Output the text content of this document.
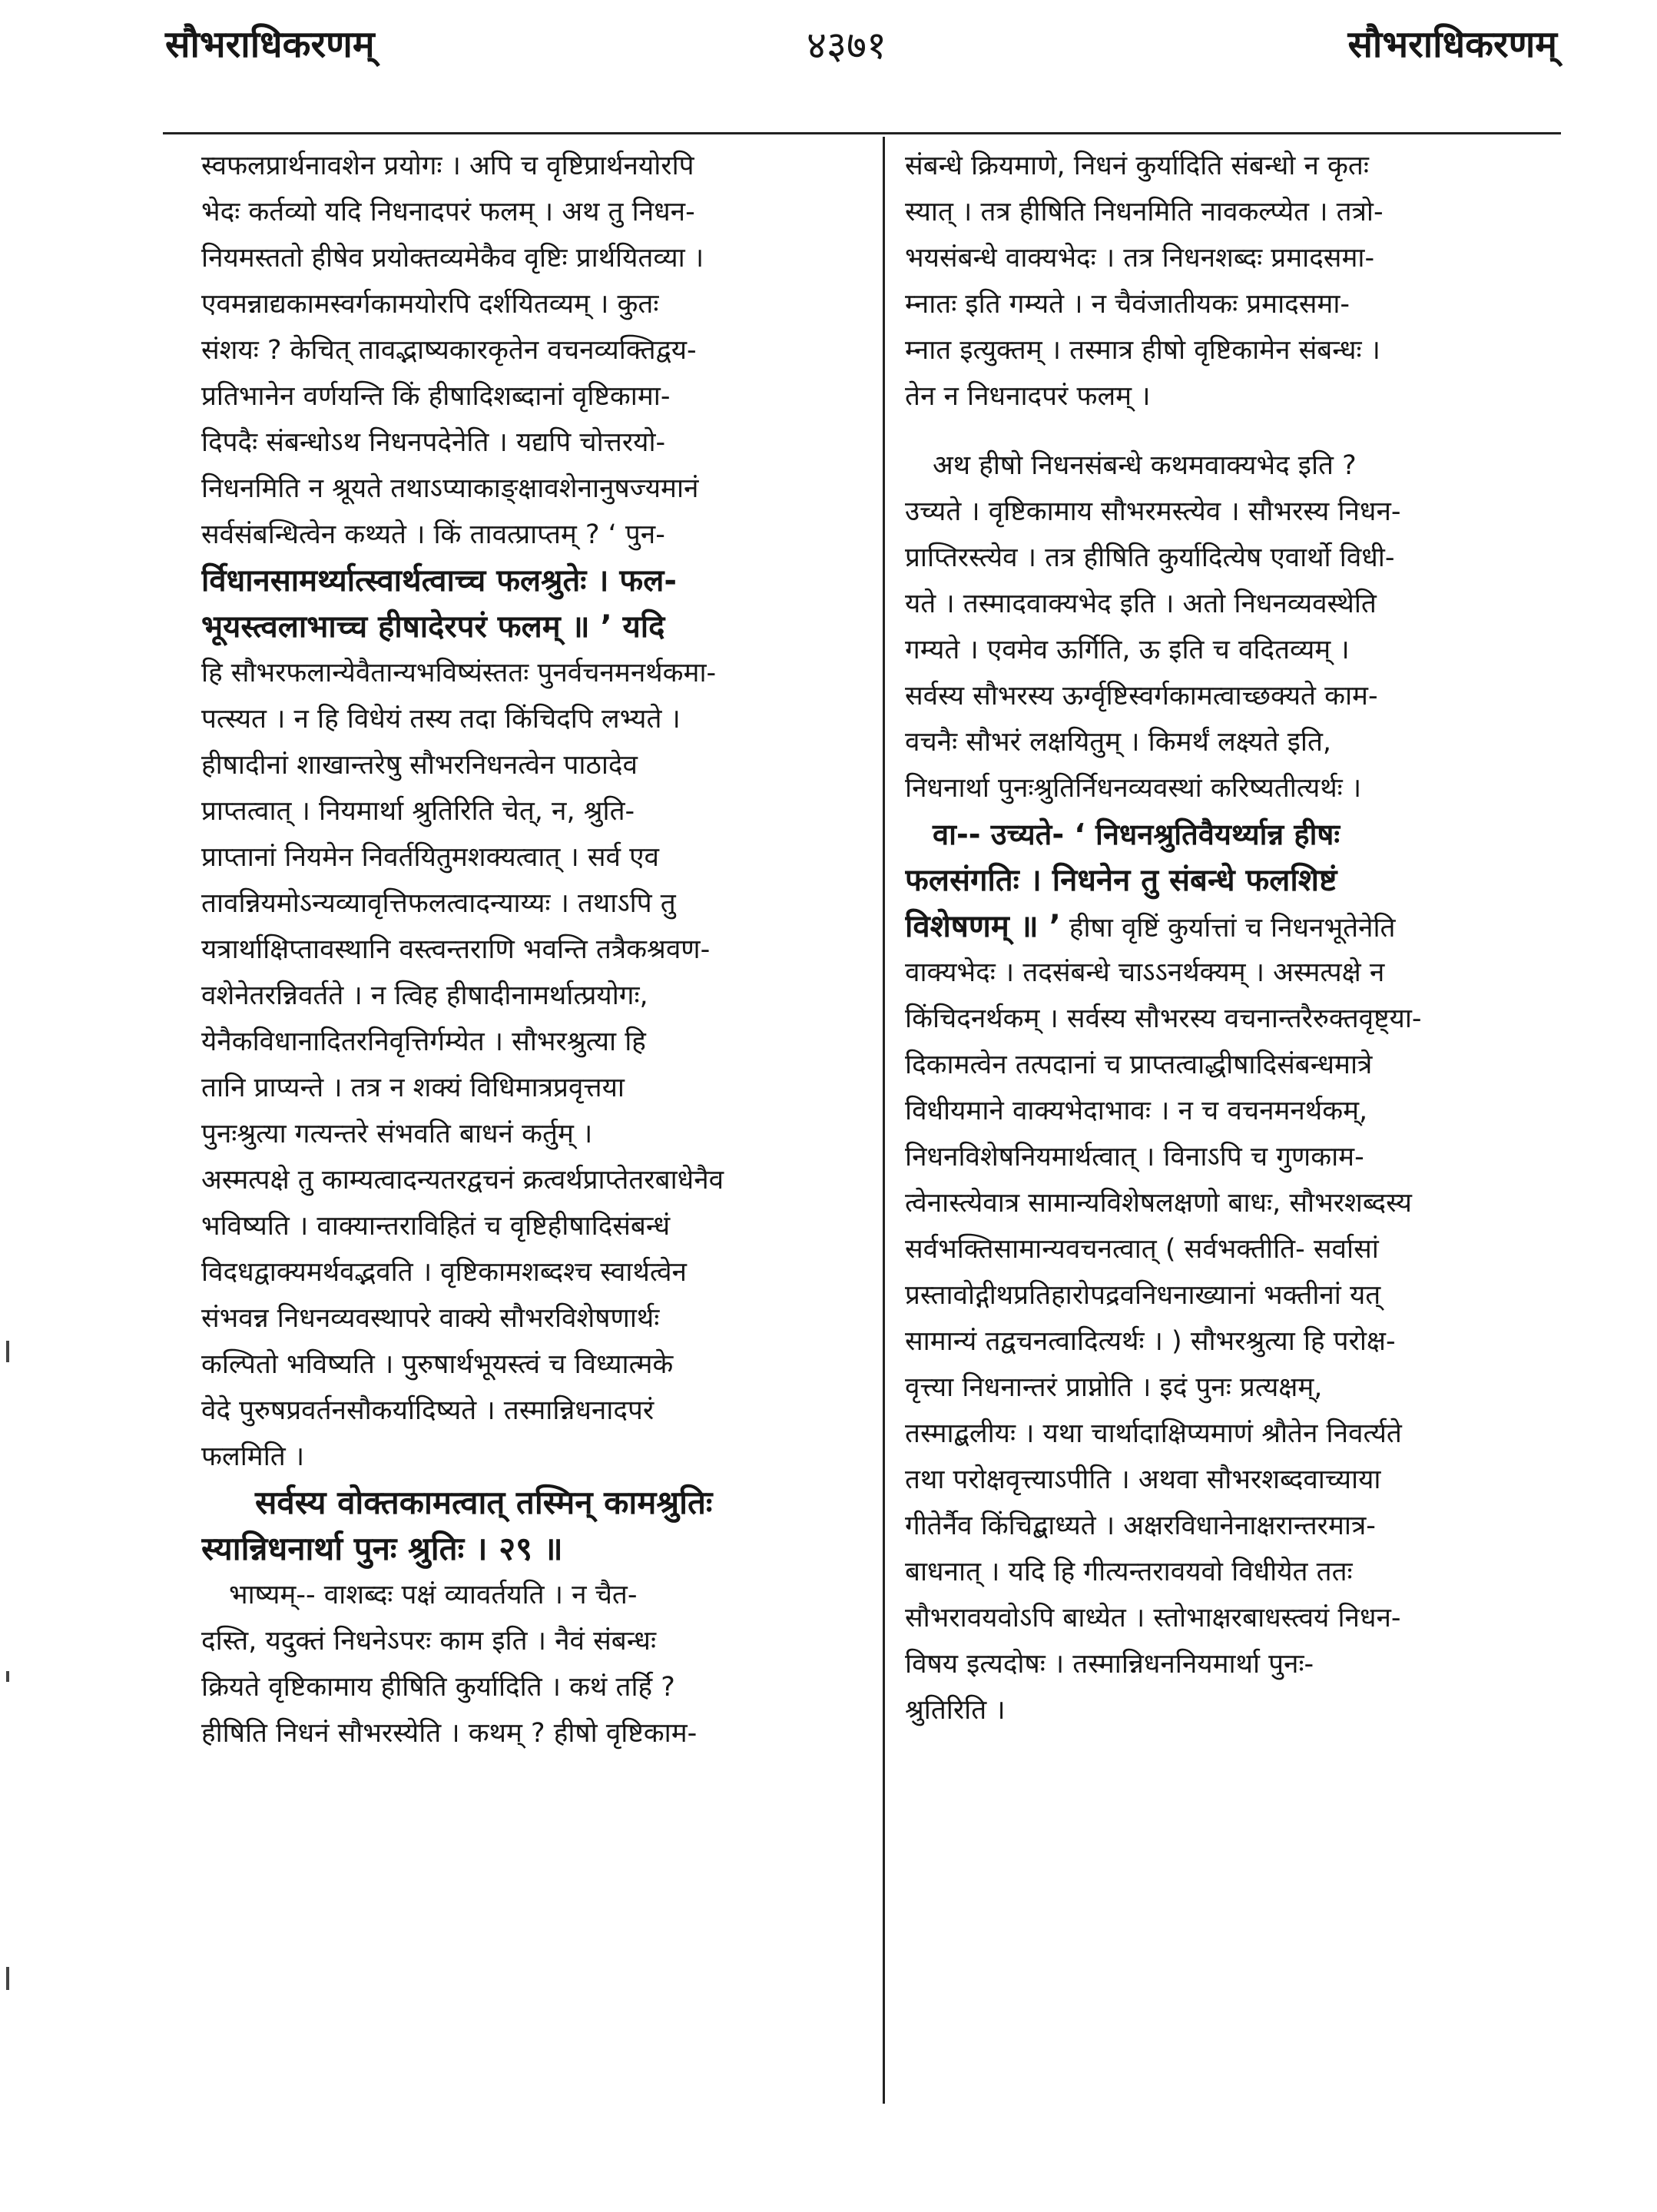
सौभराधिकरणम्	४३७१	सौभराधिकरणम्
स्वफलप्रार्थनावशेन प्रयोगः । अपि च वृष्टिप्रार्थनयोरपि
भेदः कर्तव्यो यदि निधनादपरं फलम् । अथ तु निधन-
नियमस्ततो हीषेव प्रयोक्तव्यमेकैव वृष्टिः प्रार्थयितव्या ।
एवमन्नाद्यकामस्वर्गकामयोरपि दर्शयितव्यम् । कुतः
संशयः ? केचित् तावद्भाष्यकारकृतेन वचनव्यक्तिद्वय-
प्रतिभानेन वर्णयन्ति किं हीषादिशब्दानां वृष्टिकामा-
दिपदैः संबन्धोऽथ निधनपदेनेति । यद्यपि चोत्तरयो-
निधनमिति न श्रूयते तथाऽप्याकाङ्क्षावशेनानुषज्यमानं
सर्वसंबन्धित्वेन कथ्यते । किं तावत्प्राप्तम् ? ‘ पुन-
र्विधानसामर्थ्यात्स्वार्थत्वाच्च फलश्रुतेः । फल-
भूयस्त्वलाभाच्च हीषादेरपरं फलम् ॥ ’ यदि
हि सौभरफलान्येवैतान्यभविष्यंस्ततः पुनर्वचनमनर्थकमा-
पत्स्यत । न हि विधेयं तस्य तदा किंचिदपि लभ्यते ।
हीषादीनां शाखान्तरेषु सौभरनिधनत्वेन पाठादेव
प्राप्तत्वात् । नियमार्था श्रुतिरिति चेत्, न, श्रुति-
प्राप्तानां नियमेन निवर्तयितुमशक्यत्वात् । सर्व एव
तावन्नियमोऽन्यव्यावृत्तिफलत्वादन्याय्यः । तथाऽपि तु
यत्रार्थाक्षिप्तावस्थानि वस्त्वन्तराणि भवन्ति तत्रैकश्रवण-
वशेनेतरन्निवर्तते । न त्विह हीषादीनामर्थात्प्रयोगः,
येनैकविधानादितरनिवृत्तिर्गम्येत । सौभरश्रुत्या हि
तानि प्राप्यन्ते । तत्र न शक्यं विधिमात्रप्रवृत्तया
पुनःश्रुत्या गत्यन्तरे संभवति बाधनं कर्तुम् ।
अस्मत्पक्षे तु काम्यत्वादन्यतरद्वचनं क्रत्वर्थप्राप्तेतरबाधेनैव
भविष्यति । वाक्यान्तराविहितं च वृष्टिहीषादिसंबन्धं
विदधद्वाक्यमर्थवद्भवति । वृष्टिकामशब्दश्च स्वार्थत्वेन
संभवन्न निधनव्यवस्थापरे वाक्ये सौभरविशेषणार्थः
कल्पितो भविष्यति । पुरुषार्थभूयस्त्वं च विध्यात्मके
वेदे पुरुषप्रवर्तनसौकर्यादिष्यते । तस्मान्निधनादपरं
फलमिति ।
सर्वस्य वोक्तकामत्वात् तस्मिन् कामश्रुतिः
स्यान्निधनार्था पुनः श्रुतिः । २९ ॥
भाष्यम्-- वाशब्दः पक्षं व्यावर्तयति । न चैत-
दस्ति, यदुक्तं निधनेऽपरः काम इति । नैवं संबन्धः
क्रियते वृष्टिकामाय हीषिति कुर्यादिति । कथं तर्हि ?
हीषिति निधनं सौभरस्येति । कथम् ? हीषो वृष्टिकाम-
संबन्धे क्रियमाणे, निधनं कुर्यादिति संबन्धो न कृतः
स्यात् । तत्र हीषिति निधनमिति नावकल्प्येत । तत्रो-
भयसंबन्धे वाक्यभेदः । तत्र निधनशब्दः प्रमादसमा-
म्नातः इति गम्यते । न चैवंजातीयकः प्रमादसमा-
म्नात इत्युक्तम् । तस्मात्र हीषो वृष्टिकामेन संबन्धः ।
तेन न निधनादपरं फलम् ।
अथ हीषो निधनसंबन्धे कथमवाक्यभेद इति ?
उच्यते । वृष्टिकामाय सौभरमस्त्येव । सौभरस्य निधन-
प्राप्तिरस्त्येव । तत्र हीषिति कुर्यादित्येष एवार्थो विधी-
यते । तस्मादवाक्यभेद इति । अतो निधनव्यवस्थेति
गम्यते । एवमेव ऊर्गिति, ऊ इति च वदितव्यम् ।
सर्वस्य सौभरस्य ऊर्ग्वृष्टिस्वर्गकामत्वाच्छक्यते काम-
वचनैः सौभरं लक्षयितुम् । किमर्थं लक्ष्यते इति,
निधनार्था पुनःश्रुतिर्निधनव्यवस्थां करिष्यतीत्यर्थः ।
वा-- उच्यते- ‘ निधनश्रुतिवैयर्थ्यान्न हीषः
फलसंगतिः । निधनेन तु संबन्धे फलशिष्टं
विशेषणम् ॥ ’ हीषा वृष्टिं कुर्यात्तां च निधनभूतेनेति
वाक्यभेदः । तदसंबन्धे चाऽऽनर्थक्यम् । अस्मत्पक्षे न
किंचिदनर्थकम् । सर्वस्य सौभरस्य वचनान्तरैरुक्तवृष्ट्या-
दिकामत्वेन तत्पदानां च प्राप्तत्वाद्धीषादिसंबन्धमात्रे
विधीयमाने वाक्यभेदाभावः । न च वचनमनर्थकम्,
निधनविशेषनियमार्थत्वात् । विनाऽपि च गुणकाम-
त्वेनास्त्येवात्र सामान्यविशेषलक्षणो बाधः, सौभरशब्दस्य
सर्वभक्तिसामान्यवचनत्वात् ( सर्वभक्तीति- सर्वासां
प्रस्तावोद्गीथप्रतिहारोपद्रवनिधनाख्यानां भक्तीनां यत्
सामान्यं तद्वचनत्वादित्यर्थः । ) सौभरश्रुत्या हि परोक्ष-
वृत्त्या निधनान्तरं प्राप्नोति । इदं पुनः प्रत्यक्षम्,
तस्माद्बलीयः । यथा चार्थादाक्षिप्यमाणं श्रौतेन निवर्त्यते
तथा परोक्षवृत्त्याऽपीति । अथवा सौभरशब्दवाच्याया
गीतेर्नैव किंचिद्बाध्यते । अक्षरविधानेनाक्षरान्तरमात्र-
बाधनात् । यदि हि गीत्यन्तरावयवो विधीयेत ततः
सौभरावयवोऽपि बाध्येत । स्तोभाक्षरबाधस्त्वयं निधन-
विषय इत्यदोषः । तस्मान्निधननियमार्था पुनः-
श्रुतिरिति ।
